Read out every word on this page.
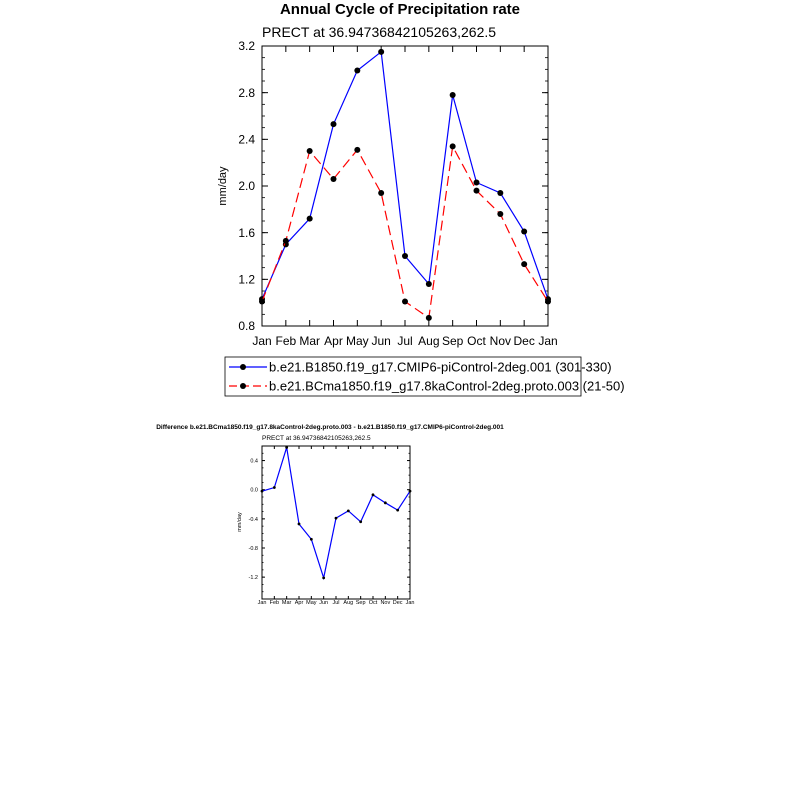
Annual Cycle of Precipitation rate
PRECT at 36.94736842105263,262.5
mm/day
Jan Feb Mar Apr May Jun Jul Aug Sep Oct Nov Dec Jan
0.8
1.2
1.6
2.0
2.4
2.8
3.2
b.e21.B1850.f19_g17.CMIP6-piControl-2deg.001 (301-330)
b.e21.BCma1850.f19_g17.8kaControl-2deg.proto.003 (21-50)
Difference b.e21.BCma1850.f19_g17.8kaControl-2deg.proto.003 - b.e21.B1850.f19_g17.CMIP6-piControl-2deg.001
PRECT at 36.94736842105263,262.5
mm/day
Jan Feb Mar Apr May Jun Jul Aug Sep Oct Nov Dec Jan
-1.2
-0.8
-0.4
0.0
0.4
